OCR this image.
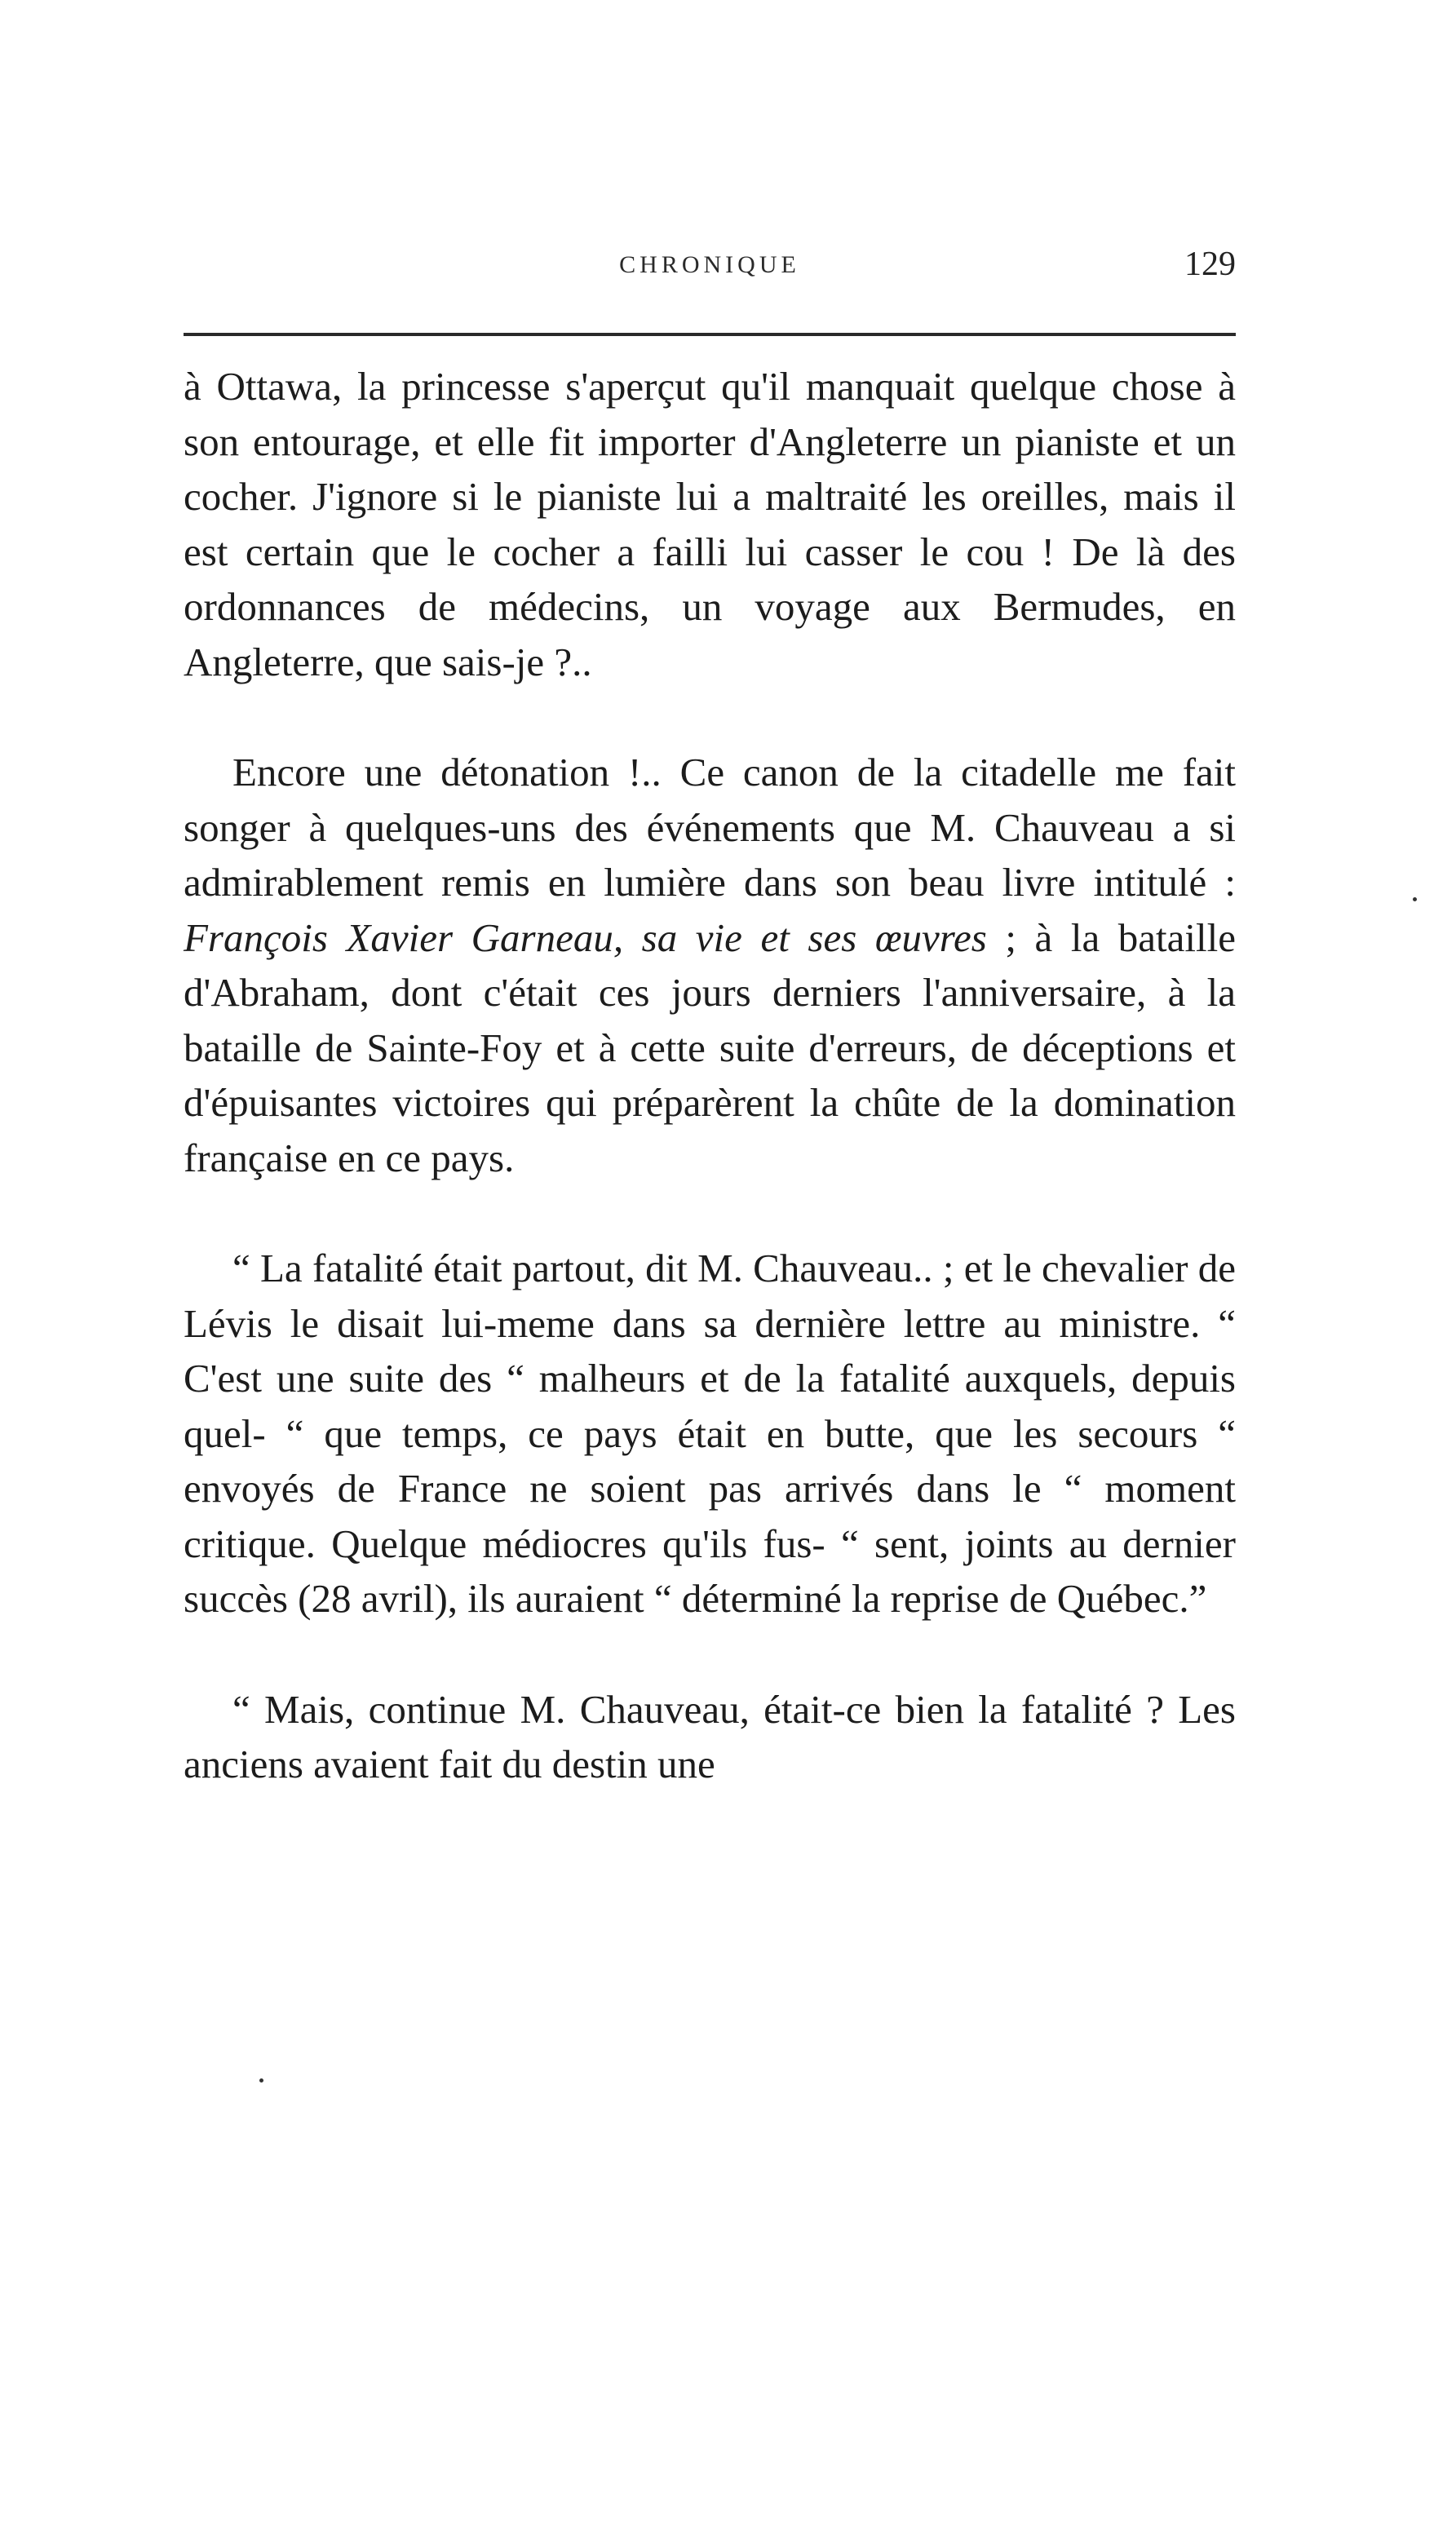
CHRONIQUE	129

à Ottawa, la princesse s'aperçut qu'il manquait quelque chose à son entourage, et elle fit importer d'Angleterre un pianiste et un cocher. J'ignore si le pianiste lui a maltraité les oreilles, mais il est certain que le cocher a failli lui casser le cou ! De là des ordonnances de médecins, un voyage aux Bermudes, en Angleterre, que sais-je ?..

Encore une détonation !.. Ce canon de la citadelle me fait songer à quelques-uns des événements que M. Chauveau a si admirablement remis en lumière dans son beau livre intitulé : François Xavier Garneau, sa vie et ses œuvres ; à la bataille d'Abraham, dont c'était ces jours derniers l'anniversaire, à la bataille de Sainte-Foy et à cette suite d'erreurs, de déceptions et d'épuisantes victoires qui préparèrent la chûte de la domination française en ce pays.

“ La fatalité était partout, dit M. Chauveau.. ; et le chevalier de Lévis le disait lui-meme dans sa dernière lettre au ministre. “ C'est une suite des “ malheurs et de la fatalité auxquels, depuis quel- “ que temps, ce pays était en butte, que les secours “ envoyés de France ne soient pas arrivés dans le “ moment critique. Quelque médiocres qu'ils fus- “ sent, joints au dernier succès (28 avril), ils auraient “ déterminé la reprise de Québec.”

“ Mais, continue M. Chauveau, était-ce bien la fatalité ? Les anciens avaient fait du destin une
